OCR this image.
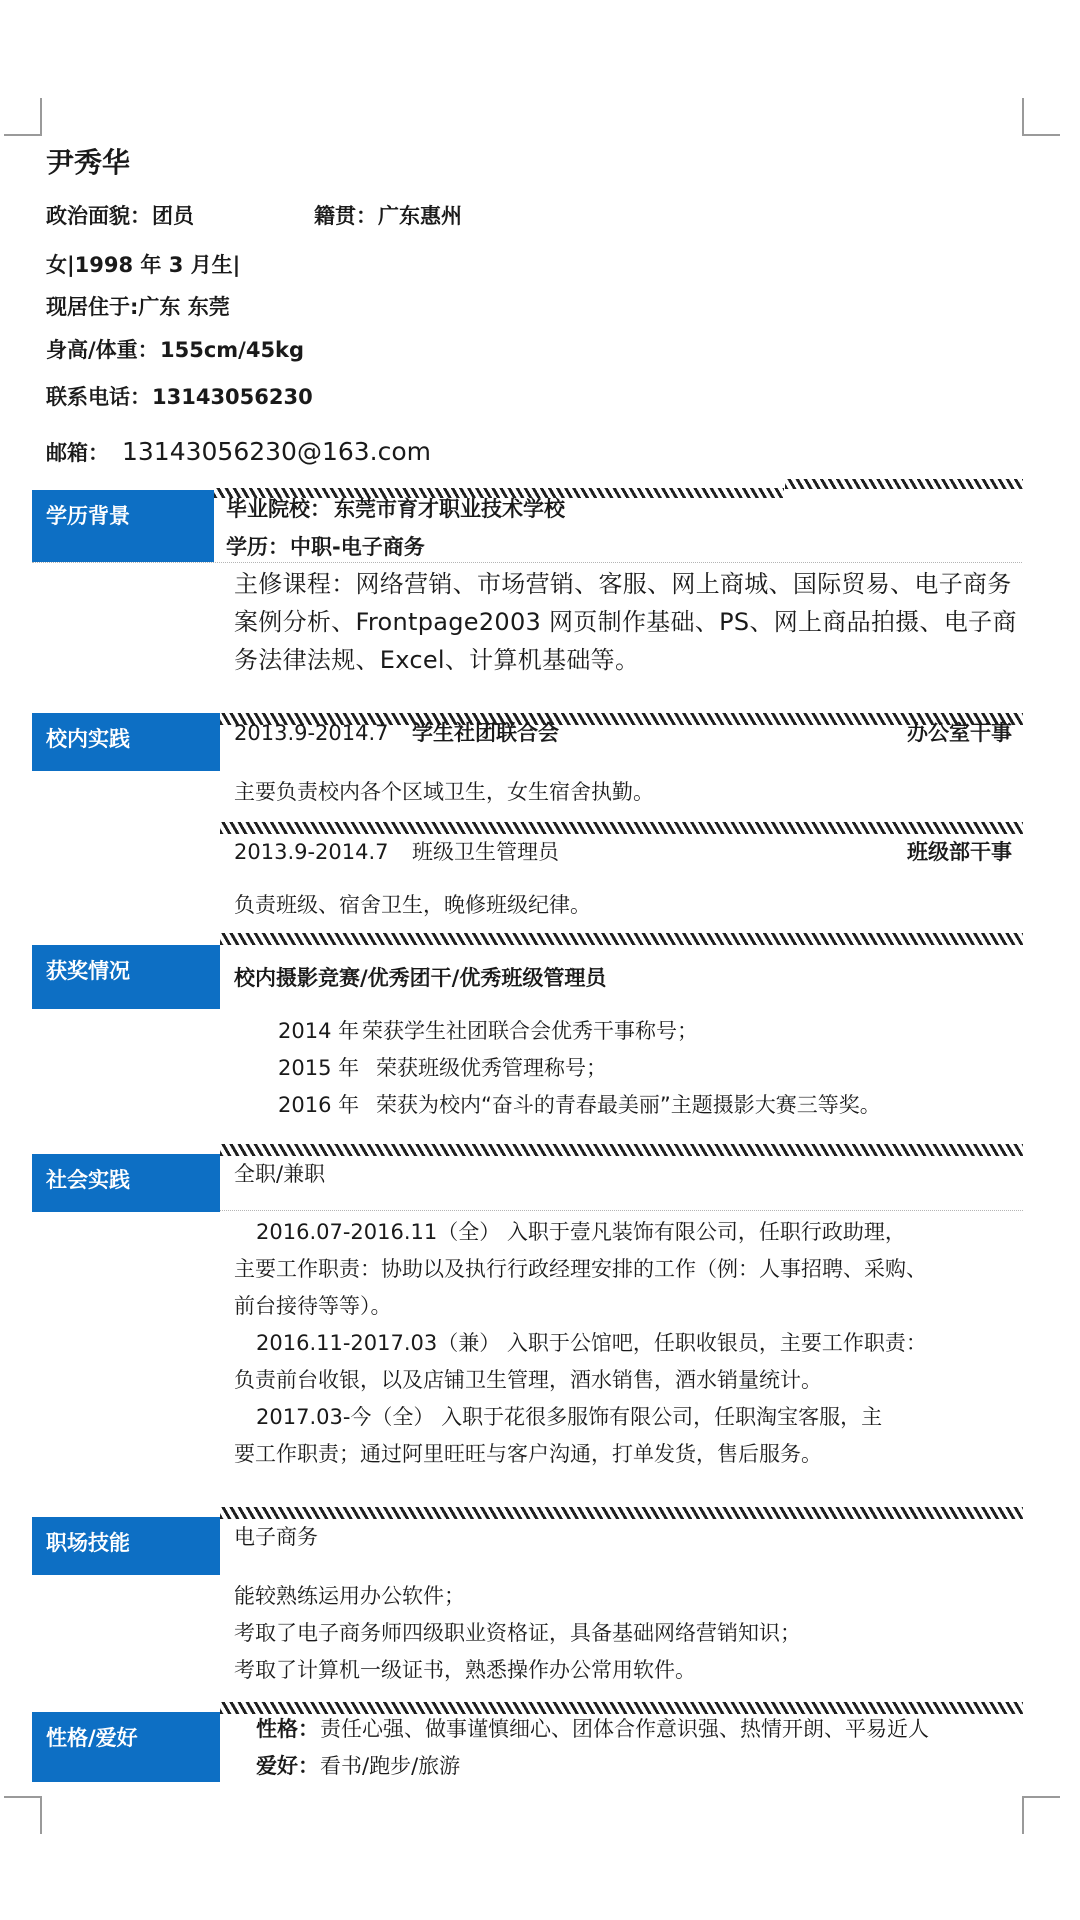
尹秀华
政治面貌： 团员	籍贯： 广东惠州
女|1998 年 3 月生|
现居住于:广东 东莞
身高/体重： 155cm/45kg
联系电话： 13143056230
邮箱： 13143056230@163.com
学历背景	毕业院校： 东莞市育才职业技术学校
学历： 中职-电子商务
主修课程：网络营销、市场营销、客服、网上商城、国际贸易、电子商务案例分析、Frontpage2003 网页制作基础、PS、网上商品拍摄、电子商务法律法规、Excel、计算机基础等。
校内实践	2013.9-2014.7 学生社团联合会	办公室干事
主要负责校内各个区域卫生，女生宿舍执勤。
2013.9-2014.7 班级卫生管理员	班级部干事
负责班级、宿舍卫生，晚修班级纪律。
获奖情况	校内摄影竞赛/优秀团干/优秀班级管理员
2014 年 荣获学生社团联合会优秀干事称号；
2015 年 荣获班级优秀管理称号；
2016 年 荣获为校内“奋斗的青春最美丽”主题摄影大赛三等奖。
社会实践	全职/兼职
2016.07-2016.11（全） 入职于壹凡装饰有限公司，任职行政助理，
主要工作职责：协助以及执行行政经理安排的工作（例：人事招聘、采购、
前台接待等等）。
2016.11-2017.03（兼） 入职于公馆吧，任职收银员，主要工作职责：
负责前台收银，以及店铺卫生管理，酒水销售，酒水销量统计。
2017.03-今（全） 入职于花很多服饰有限公司，任职淘宝客服，主
要工作职责；通过阿里旺旺与客户沟通，打单发货，售后服务。
职场技能	电子商务
能较熟练运用办公软件；
考取了电子商务师四级职业资格证，具备基础网络营销知识；
考取了计算机一级证书，熟悉操作办公常用软件。
性格/爱好	性格： 责任心强、做事谨慎细心、团体合作意识强、热情开朗、平易近人
爱好： 看书/跑步/旅游
